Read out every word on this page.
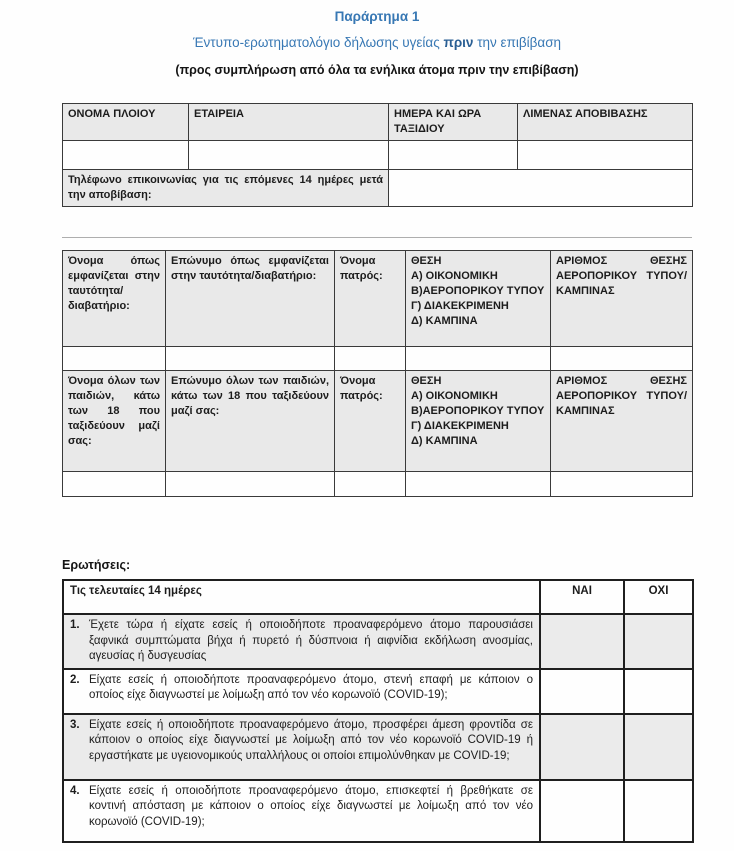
Παράρτημα 1
Έντυπο-ερωτηματολόγιο δήλωσης υγείας πριν την επιβίβαση
(προς συμπλήρωση από όλα τα ενήλικα άτομα πριν την επιβίβαση)
ΟΝΟΜΑ ΠΛΟΙΟΥ	ΕΤΑΙΡΕΙΑ	ΗΜΕΡΑ ΚΑΙ ΩΡΑ ΤΑΞΙΔΙΟΥ	ΛΙΜΕΝΑΣ ΑΠΟΒΙΒΑΣΗΣ

Τηλέφωνο επικοινωνίας για τις επόμενες 14 ημέρες μετά την αποβίβαση:			
Όνομα όπως εμφανίζεται στην ταυτότητα/ διαβατήριο:	Επώνυμο όπως εμφανίζεται στην ταυτότητα/διαβατήριο:	Όνομα πατρός:	ΘΕΣΗ
Α) ΟΙΚΟΝΟΜΙΚΗ
Β)ΑΕΡΟΠΟΡΙΚΟΥ ΤΥΠΟΥ
Γ) ΔΙΑΚΕΚΡΙΜΕΝΗ
Δ) ΚΑΜΠΙΝΑ	ΑΡΙΘΜΟΣ ΘΕΣΗΣ ΑΕΡΟΠΟΡΙΚΟΥ ΤΥΠΟΥ/ ΚΑΜΠΙΝΑΣ

Όνομα όλων των παιδιών, κάτω των 18 που ταξιδεύουν μαζί σας:	Επώνυμο όλων των παιδιών, κάτω των 18 που ταξιδεύουν μαζί σας:	Όνομα πατρός:	ΘΕΣΗ
Α) ΟΙΚΟΝΟΜΙΚΗ
Β)ΑΕΡΟΠΟΡΙΚΟΥ ΤΥΠΟΥ
Γ) ΔΙΑΚΕΚΡΙΜΕΝΗ
Δ) ΚΑΜΠΙΝΑ	ΑΡΙΘΜΟΣ ΘΕΣΗΣ ΑΕΡΟΠΟΡΙΚΟΥ ΤΥΠΟΥ/ ΚΑΜΠΙΝΑΣ

Ερωτήσεις:
Τις τελευταίες 14 ημέρες	ΝΑΙ	ΟΧΙ

1. Έχετε τώρα ή είχατε εσείς ή οποιοδήποτε προαναφερόμενο άτομο παρουσιάσει ξαφνικά συμπτώματα βήχα ή πυρετό ή δύσπνοια ή αιφνίδια εκδήλωση ανοσμίας, αγευσίας ή δυσγευσίας		

2. Είχατε εσείς ή οποιοδήποτε προαναφερόμενο άτομο, στενή επαφή με κάποιον ο οποίος είχε διαγνωστεί με λοίμωξη από τον νέο κορωνοϊό (COVID-19);		

3. Είχατε εσείς ή οποιοδήποτε προαναφερόμενο άτομο, προσφέρει άμεση φροντίδα σε κάποιον ο οποίος είχε διαγνωστεί με λοίμωξη από τον νέο κορωνοϊό COVID-19 ή εργαστήκατε με υγειονομικούς υπαλλήλους οι οποίοι επιμολύνθηκαν με COVID-19;		

4. Είχατε εσείς ή οποιοδήποτε προαναφερόμενο άτομο, επισκεφτεί ή βρεθήκατε σε κοντινή απόσταση με κάποιον ο οποίος είχε διαγνωστεί με λοίμωξη από τον νέο κορωνοϊό (COVID-19);		
